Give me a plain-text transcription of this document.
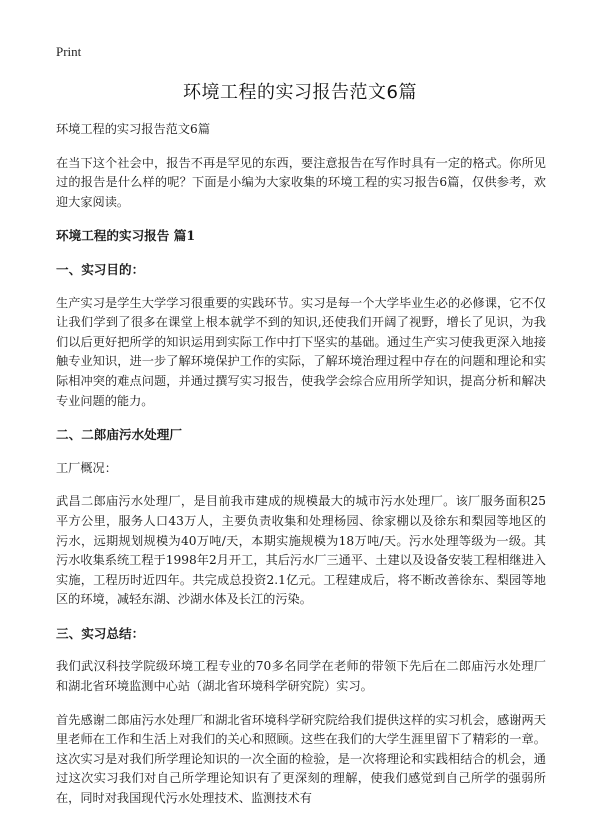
Print
环境工程的实习报告范文6篇

环境工程的实习报告范文6篇

在当下这个社会中，报告不再是罕见的东西，要注意报告在写作时具有一定的格式。你所见过的报告是什么样的呢？下面是小编为大家收集的环境工程的实习报告6篇，仅供参考，欢迎大家阅读。

环境工程的实习报告 篇1
一、实习目的：

生产实习是学生大学学习很重要的实践环节。实习是每一个大学毕业生必的必修课，它不仅让我们学到了很多在课堂上根本就学不到的知识,还使我们开阔了视野，增长了见识，为我们以后更好把所学的知识运用到实际工作中打下坚实的基础。通过生产实习使我更深入地接触专业知识，进一步了解环境保护工作的实际，了解环境治理过程中存在的问题和理论和实际相冲突的难点问题，并通过撰写实习报告，使我学会综合应用所学知识，提高分析和解决专业问题的能力。

二、二郎庙污水处理厂

工厂概况：

武昌二郎庙污水处理厂，是目前我市建成的规模最大的城市污水处理厂。该厂服务面积25平方公里，服务人口43万人，主要负责收集和处理杨园、徐家棚以及徐东和梨园等地区的污水，远期规划规模为40万吨/天，本期实施规模为18万吨/天。污水处理等级为一级。其污水收集系统工程于1998年2月开工，其后污水厂三通平、土建以及设备安装工程相继进入实施，工程历时近四年。共完成总投资2.1亿元。工程建成后，将不断改善徐东、梨园等地区的环境，减轻东湖、沙湖水体及长江的污染。

三、实习总结：

我们武汉科技学院级环境工程专业的70多名同学在老师的带领下先后在二郎庙污水处理厂和湖北省环境监测中心站（湖北省环境科学研究院）实习。

首先感谢二郎庙污水处理厂和湖北省环境科学研究院给我们提供这样的实习机会，感谢两天里老师在工作和生活上对我们的关心和照顾。这些在我们的大学生涯里留下了精彩的一章。这次实习是对我们所学理论知识的一次全面的检验，是一次将理论和实践相结合的机会，通过这次实习我们对自己所学理论知识有了更深刻的理解，使我们感觉到自己所学的强弱所在，同时对我国现代污水处理技术、监测技术有
